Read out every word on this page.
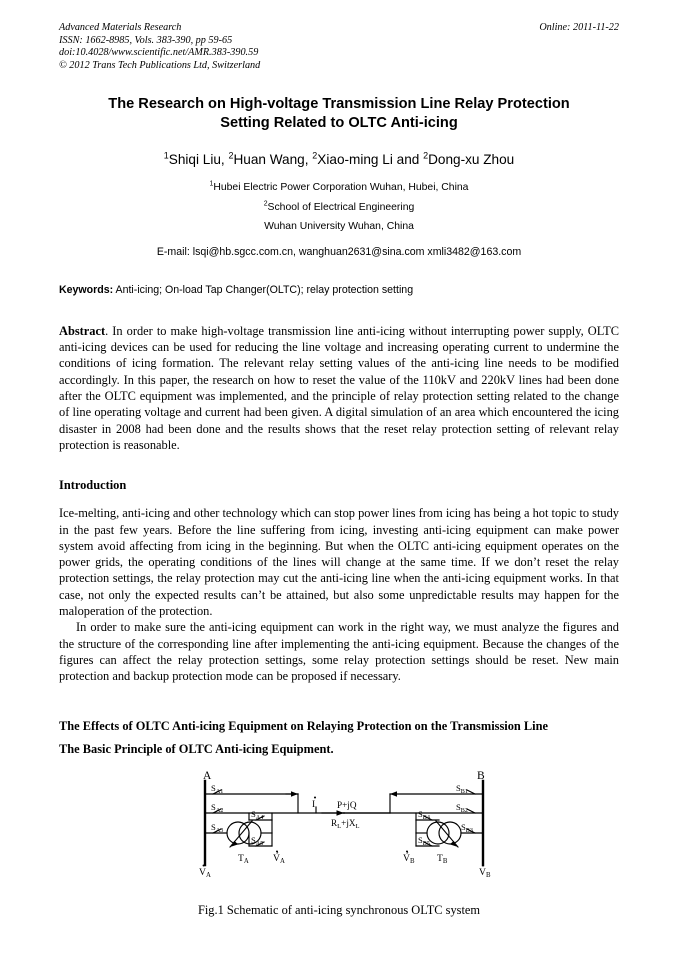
Advanced Materials Research
ISSN: 1662-8985, Vols. 383-390, pp 59-65
doi:10.4028/www.scientific.net/AMR.383-390.59
© 2012 Trans Tech Publications Ltd, Switzerland
Online: 2011-11-22
The Research on High-voltage Transmission Line Relay Protection
Setting Related to OLTC Anti-icing
$^1$Shiqi Liu, $^2$Huan Wang, $^2$Xiao-ming Li and $^2$Dong-xu Zhou
$^1$Hubei Electric Power Corporation Wuhan, Hubei, China
$^2$School of Electrical Engineering
Wuhan University Wuhan, China
E-mail: lsqi@hb.sgcc.com.cn, wanghuan2631@sina.com xmli3482@163.com
Keywords: Anti-icing; On-load Tap Changer(OLTC); relay protection setting
Abstract. In order to make high-voltage transmission line anti-icing without interrupting power supply, OLTC anti-icing devices can be used for reducing the line voltage and increasing operating current to undermine the conditions of icing formation. The relevant relay setting values of the anti-icing line needs to be modified accordingly. In this paper, the research on how to reset the value of the 110kV and 220kV lines had been done after the OLTC equipment was implemented, and the principle of relay protection setting related to the change of line operating voltage and current had been given. A digital simulation of an area which encountered the icing disaster in 2008 had been done and the results shows that the reset relay protection setting of relevant relay protection is reasonable.
Introduction
Ice-melting, anti-icing and other technology which can stop power lines from icing has being a hot topic to study in the past few years. Before the line suffering from icing, investing anti-icing equipment can make power system avoid affecting from icing in the beginning. But when the OLTC anti-icing equipment operates on the power grids, the operating conditions of the lines will change at the same time. If we don’t reset the relay protection settings, the relay protection may cut the anti-icing line when the anti-icing equipment works. In that case, not only the expected results can’t be attained, but also some unpredictable results may happen for the maloperation of the protection.
In order to make sure the anti-icing equipment can work in the right way, we must analyze the figures and the structure of the corresponding line after implementing the anti-icing equipment. Because the changes of the figures can affect the relay protection settings, some relay protection settings should be reset. New main protection and backup protection mode can be proposed if necessary.
The Effects of OLTC Anti-icing Equipment on Relaying Protection on the Transmission Line
The Basic Principle of OLTC Anti-icing Equipment.
A	B
$S_{A1}$
$S_{A2}$
$S_{A3}$
$S_{A4}$
$S_{A5}$
$S_{B1}$
$S_{B2}$
$S_{B3}$
$S_{B4}$
$S_{B5}$
$T_A$	$T_B$
$V_A$
$V́_A$	$V́_B$
$V_B$
I P+jQ
$R_L+jX_L$
Fig.1 Schematic of anti-icing synchronous OLTC system
